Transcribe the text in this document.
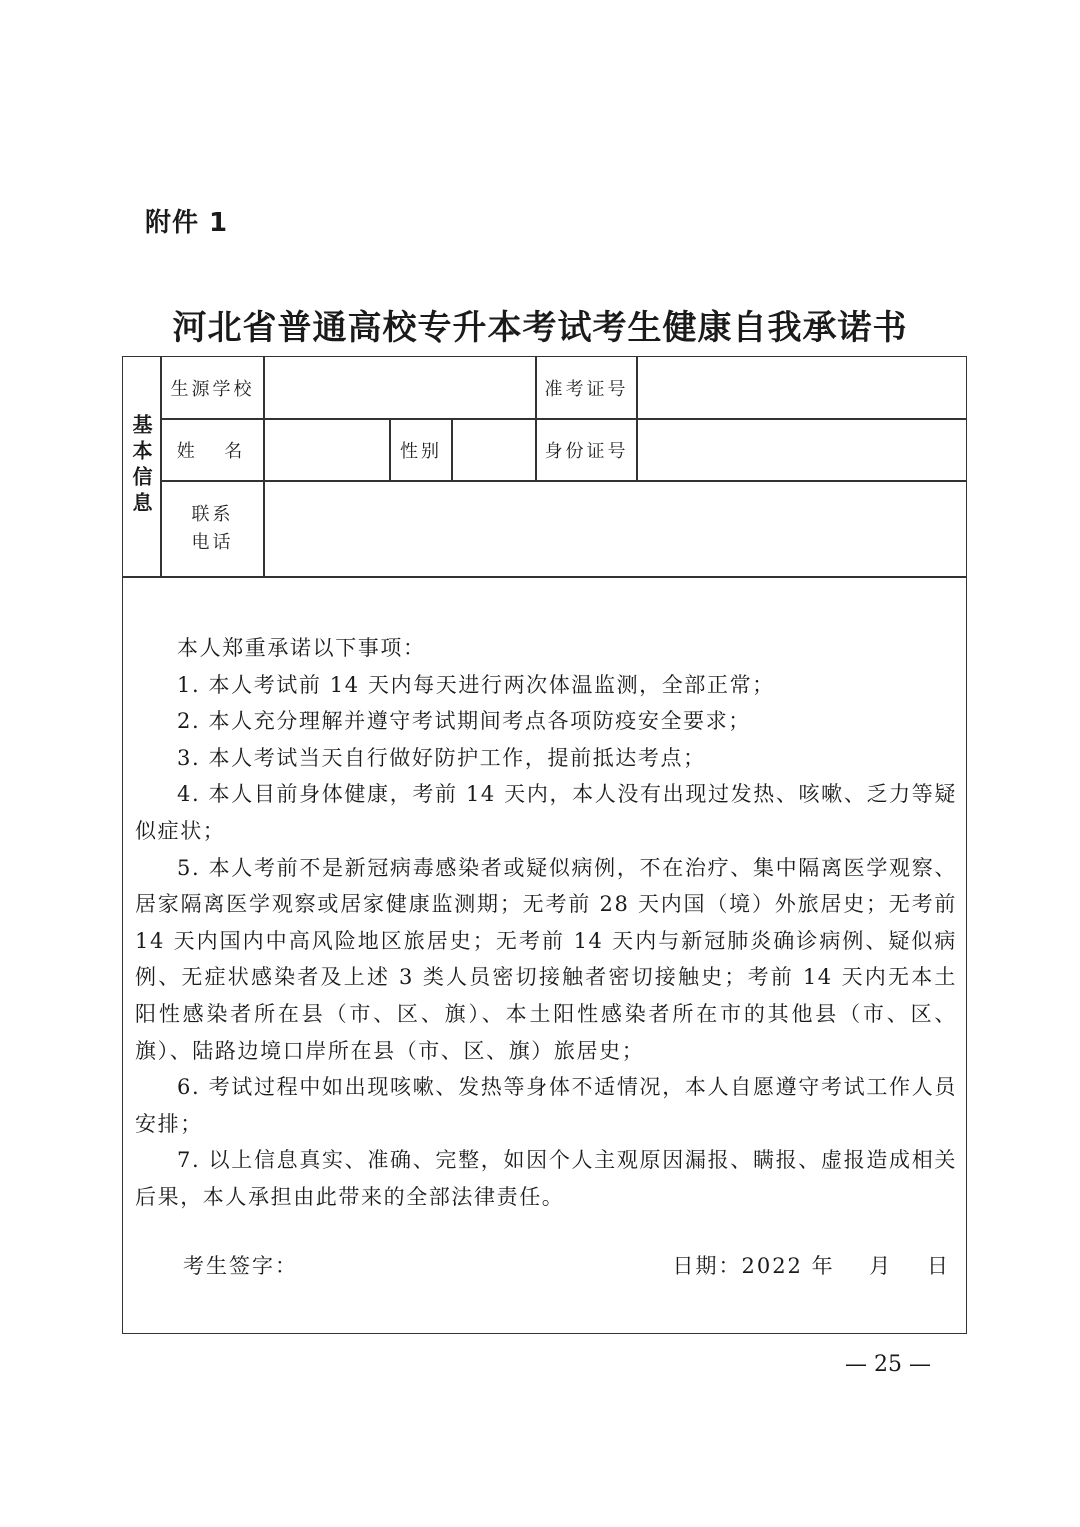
附件 1
河北省普通高校专升本考试考生健康自我承诺书
基本信息
生源学校	准考证号
姓  名	性别	身份证号
联系
电话

本人郑重承诺以下事项：

1. 本人考试前 14 天内每天进行两次体温监测，全部正常；

2. 本人充分理解并遵守考试期间考点各项防疫安全要求；

3. 本人考试当天自行做好防护工作，提前抵达考点；

4. 本人目前身体健康，考前 14 天内，本人没有出现过发热、咳嗽、乏力等疑似症状；

5. 本人考前不是新冠病毒感染者或疑似病例，不在治疗、集中隔离医学观察、居家隔离医学观察或居家健康监测期；无考前 28 天内国（境）外旅居史；无考前 14 天内国内中高风险地区旅居史；无考前 14 天内与新冠肺炎确诊病例、疑似病例、无症状感染者及上述 3 类人员密切接触者密切接触史；考前 14 天内无本土阳性感染者所在县（市、区、旗）、本土阳性感染者所在市的其他县（市、区、旗）、陆路边境口岸所在县（市、区、旗）旅居史；

6. 考试过程中如出现咳嗽、发热等身体不适情况，本人自愿遵守考试工作人员安排；

7. 以上信息真实、准确、完整，如因个人主观原因漏报、瞒报、虚报造成相关后果，本人承担由此带来的全部法律责任。

考生签字：	日期：2022 年    月    日
— 25 —
